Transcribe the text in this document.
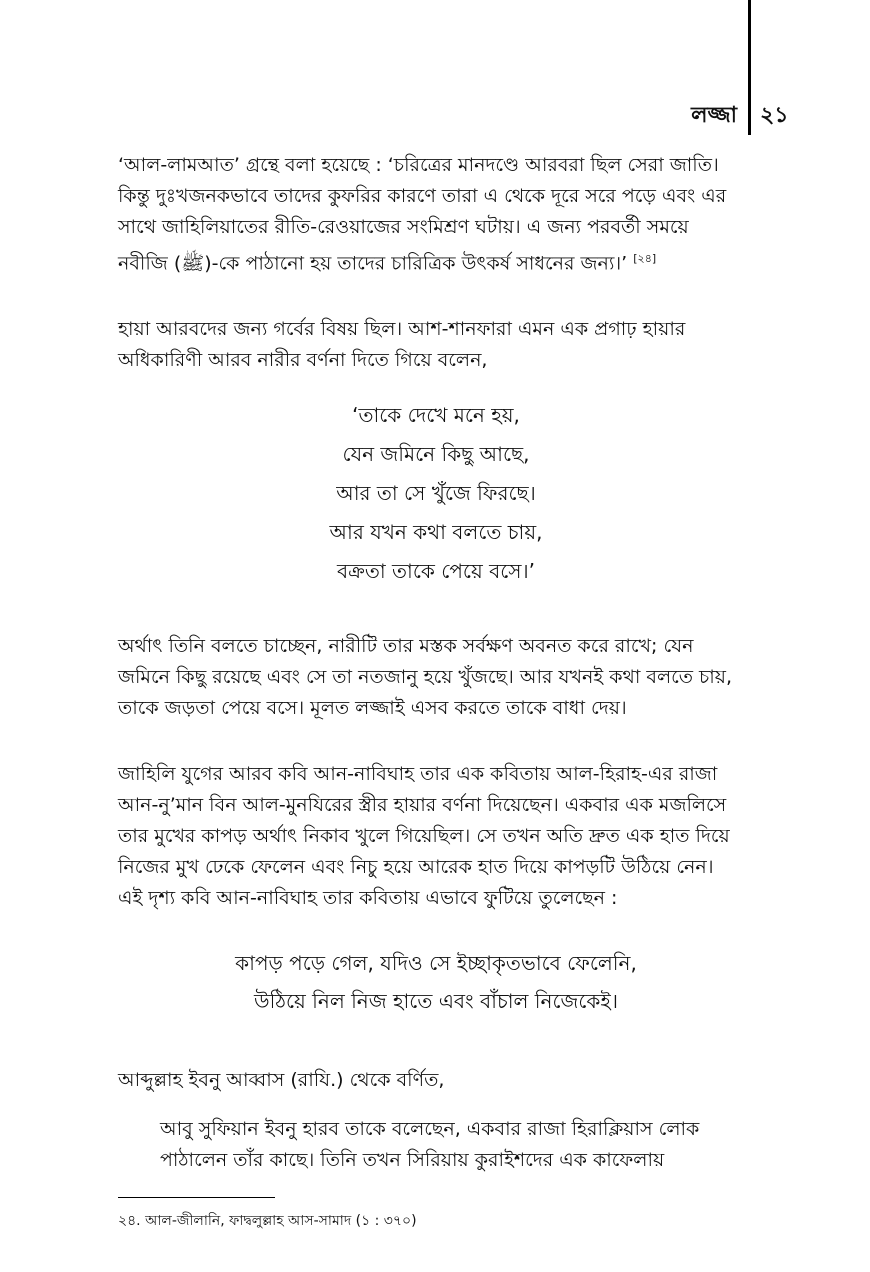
লজ্জা ২১
‘আল-লামআত’ গ্রন্থে বলা হয়েছে : ‘চরিত্রের মানদণ্ডে আরবরা ছিল সেরা জাতি।
কিন্তু দুঃখজনকভাবে তাদের কুফরির কারণে তারা এ থেকে দূরে সরে পড়ে এবং এর
সাথে জাহিলিয়াতের রীতি-রেওয়াজের সংমিশ্রণ ঘটায়। এ জন্য পরবর্তী সময়ে
নবীজি (ﷺ)-কে পাঠানো হয় তাদের চারিত্রিক উৎকর্ষ সাধনের জন্য।’ [২৪]
হায়া আরবদের জন্য গর্বের বিষয় ছিল। আশ-শানফারা এমন এক প্রগাঢ় হায়ার
অধিকারিণী আরব নারীর বর্ণনা দিতে গিয়ে বলেন,
‘তাকে দেখে মনে হয়,
যেন জমিনে কিছু আছে,
আর তা সে খুঁজে ফিরছে।
আর যখন কথা বলতে চায়,
বক্রতা তাকে পেয়ে বসে।’
অর্থাৎ তিনি বলতে চাচ্ছেন, নারীটি তার মস্তক সর্বক্ষণ অবনত করে রাখে; যেন
জমিনে কিছু রয়েছে এবং সে তা নতজানু হয়ে খুঁজছে। আর যখনই কথা বলতে চায়,
তাকে জড়তা পেয়ে বসে। মূলত লজ্জাই এসব করতে তাকে বাধা দেয়।
জাহিলি যুগের আরব কবি আন-নাবিঘাহ তার এক কবিতায় আল-হিরাহ-এর রাজা
আন-নু’মান বিন আল-মুনযিরের স্ত্রীর হায়ার বর্ণনা দিয়েছেন। একবার এক মজলিসে
তার মুখের কাপড় অর্থাৎ নিকাব খুলে গিয়েছিল। সে তখন অতি দ্রুত এক হাত দিয়ে
নিজের মুখ ঢেকে ফেলেন এবং নিচু হয়ে আরেক হাত দিয়ে কাপড়টি উঠিয়ে নেন।
এই দৃশ্য কবি আন-নাবিঘাহ তার কবিতায় এভাবে ফুটিয়ে তুলেছেন :
কাপড় পড়ে গেল, যদিও সে ইচ্ছাকৃতভাবে ফেলেনি,
উঠিয়ে নিল নিজ হাতে এবং বাঁচাল নিজেকেই।
আব্দুল্লাহ ইবনু আব্বাস (রাযি.) থেকে বর্ণিত,
আবু সুফিয়ান ইবনু হারব তাকে বলেছেন, একবার রাজা হিরাক্লিয়াস লোক
পাঠালেন তাঁর কাছে। তিনি তখন সিরিয়ায় কুরাইশদের এক কাফেলায়
২৪. আল-জীলানি, ফাদ্বলুল্লাহ আস-সামাদ (১ : ৩৭০)
